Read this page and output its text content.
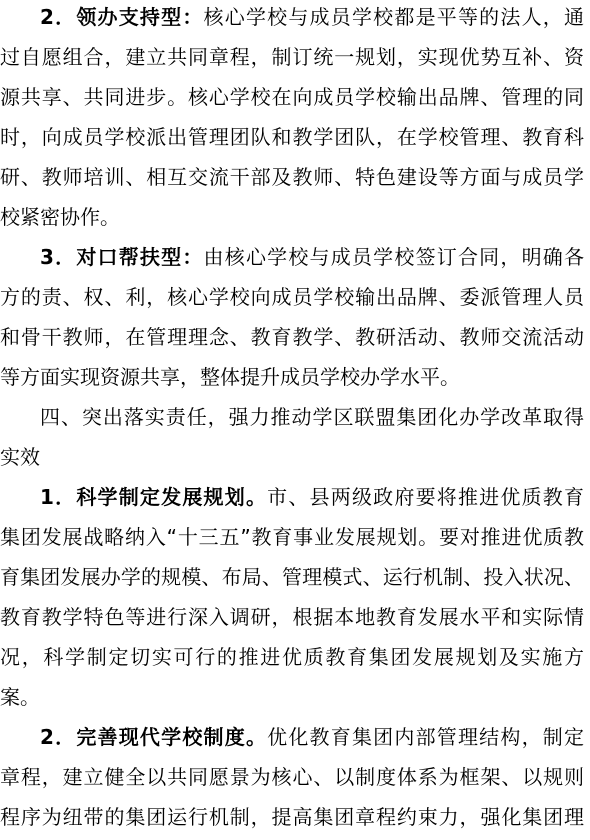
2．领办支持型：核心学校与成员学校都是平等的法人，通
过自愿组合，建立共同章程，制订统一规划，实现优势互补、资
源共享、共同进步。核心学校在向成员学校输出品牌、管理的同
时，向成员学校派出管理团队和教学团队，在学校管理、教育科
研、教师培训、相互交流干部及教师、特色建设等方面与成员学
校紧密协作。
3．对口帮扶型：由核心学校与成员学校签订合同，明确各
方的责、权、利，核心学校向成员学校输出品牌、委派管理人员
和骨干教师，在管理理念、教育教学、教研活动、教师交流活动
等方面实现资源共享，整体提升成员学校办学水平。
四、突出落实责任，强力推动学区联盟集团化办学改革取得
实效
1．科学制定发展规划。市、县两级政府要将推进优质教育
集团发展战略纳入“十三五”教育事业发展规划。要对推进优质教
育集团发展办学的规模、布局、管理模式、运行机制、投入状况、
教育教学特色等进行深入调研，根据本地教育发展水平和实际情
况，科学制定切实可行的推进优质教育集团发展规划及实施方
案。
2．完善现代学校制度。优化教育集团内部管理结构，制定
章程，建立健全以共同愿景为核心、以制度体系为框架、以规则
程序为纽带的集团运行机制，提高集团章程约束力，强化集团理
